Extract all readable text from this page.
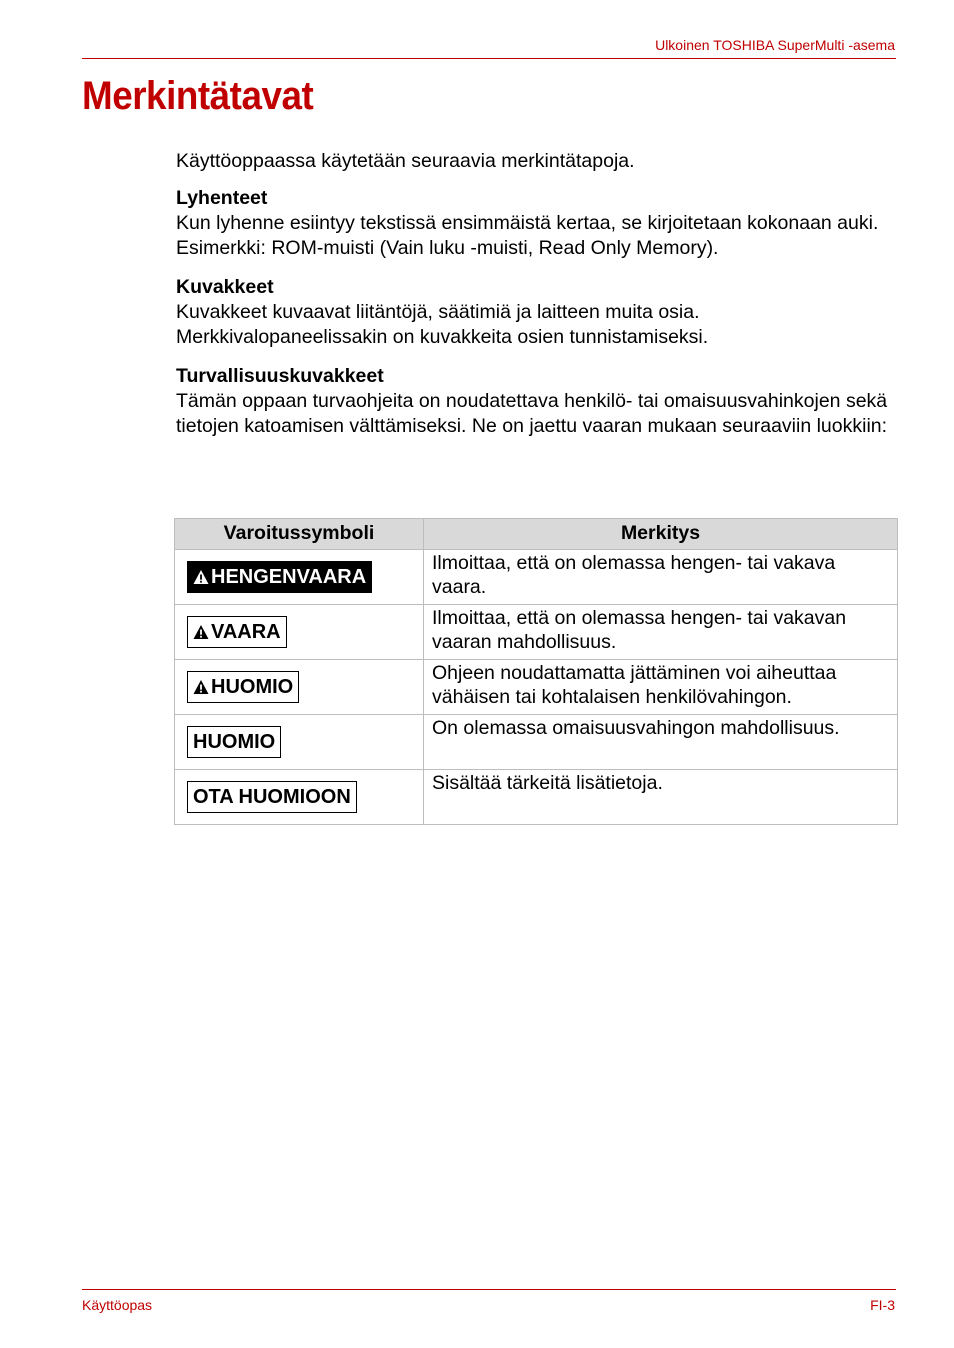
Ulkoinen TOSHIBA SuperMulti -asema
Merkintätavat

Käyttöoppaassa käytetään seuraavia merkintätapoja.

Lyhenteet

Kun lyhenne esiintyy tekstissä ensimmäistä kertaa, se kirjoitetaan kokonaan auki. Esimerkki: ROM-muisti (Vain luku -muisti, Read Only Memory).

Kuvakkeet

Kuvakkeet kuvaavat liitäntöjä, säätimiä ja laitteen muita osia. Merkkivalopaneelissakin on kuvakkeita osien tunnistamiseksi.

Turvallisuuskuvakkeet

Tämän oppaan turvaohjeita on noudatettava henkilö- tai omaisuusvahinkojen sekä tietojen katoamisen välttämiseksi. Ne on jaettu vaaran mukaan seuraaviin luokkiin:

Varoitussymboli	Merkitys

HENGENVAARA	Ilmoittaa, että on olemassa hengen- tai vakava vaara.

VAARA	Ilmoittaa, että on olemassa hengen- tai vakavan vaaran mahdollisuus.

HUOMIO	Ohjeen noudattamatta jättäminen voi aiheuttaa vähäisen tai kohtalaisen henkilövahingon.

HUOMIO	On olemassa omaisuusvahingon mahdollisuus.

OTA HUOMIOON	Sisältää tärkeitä lisätietoja.
Käyttöopas	FI-3
